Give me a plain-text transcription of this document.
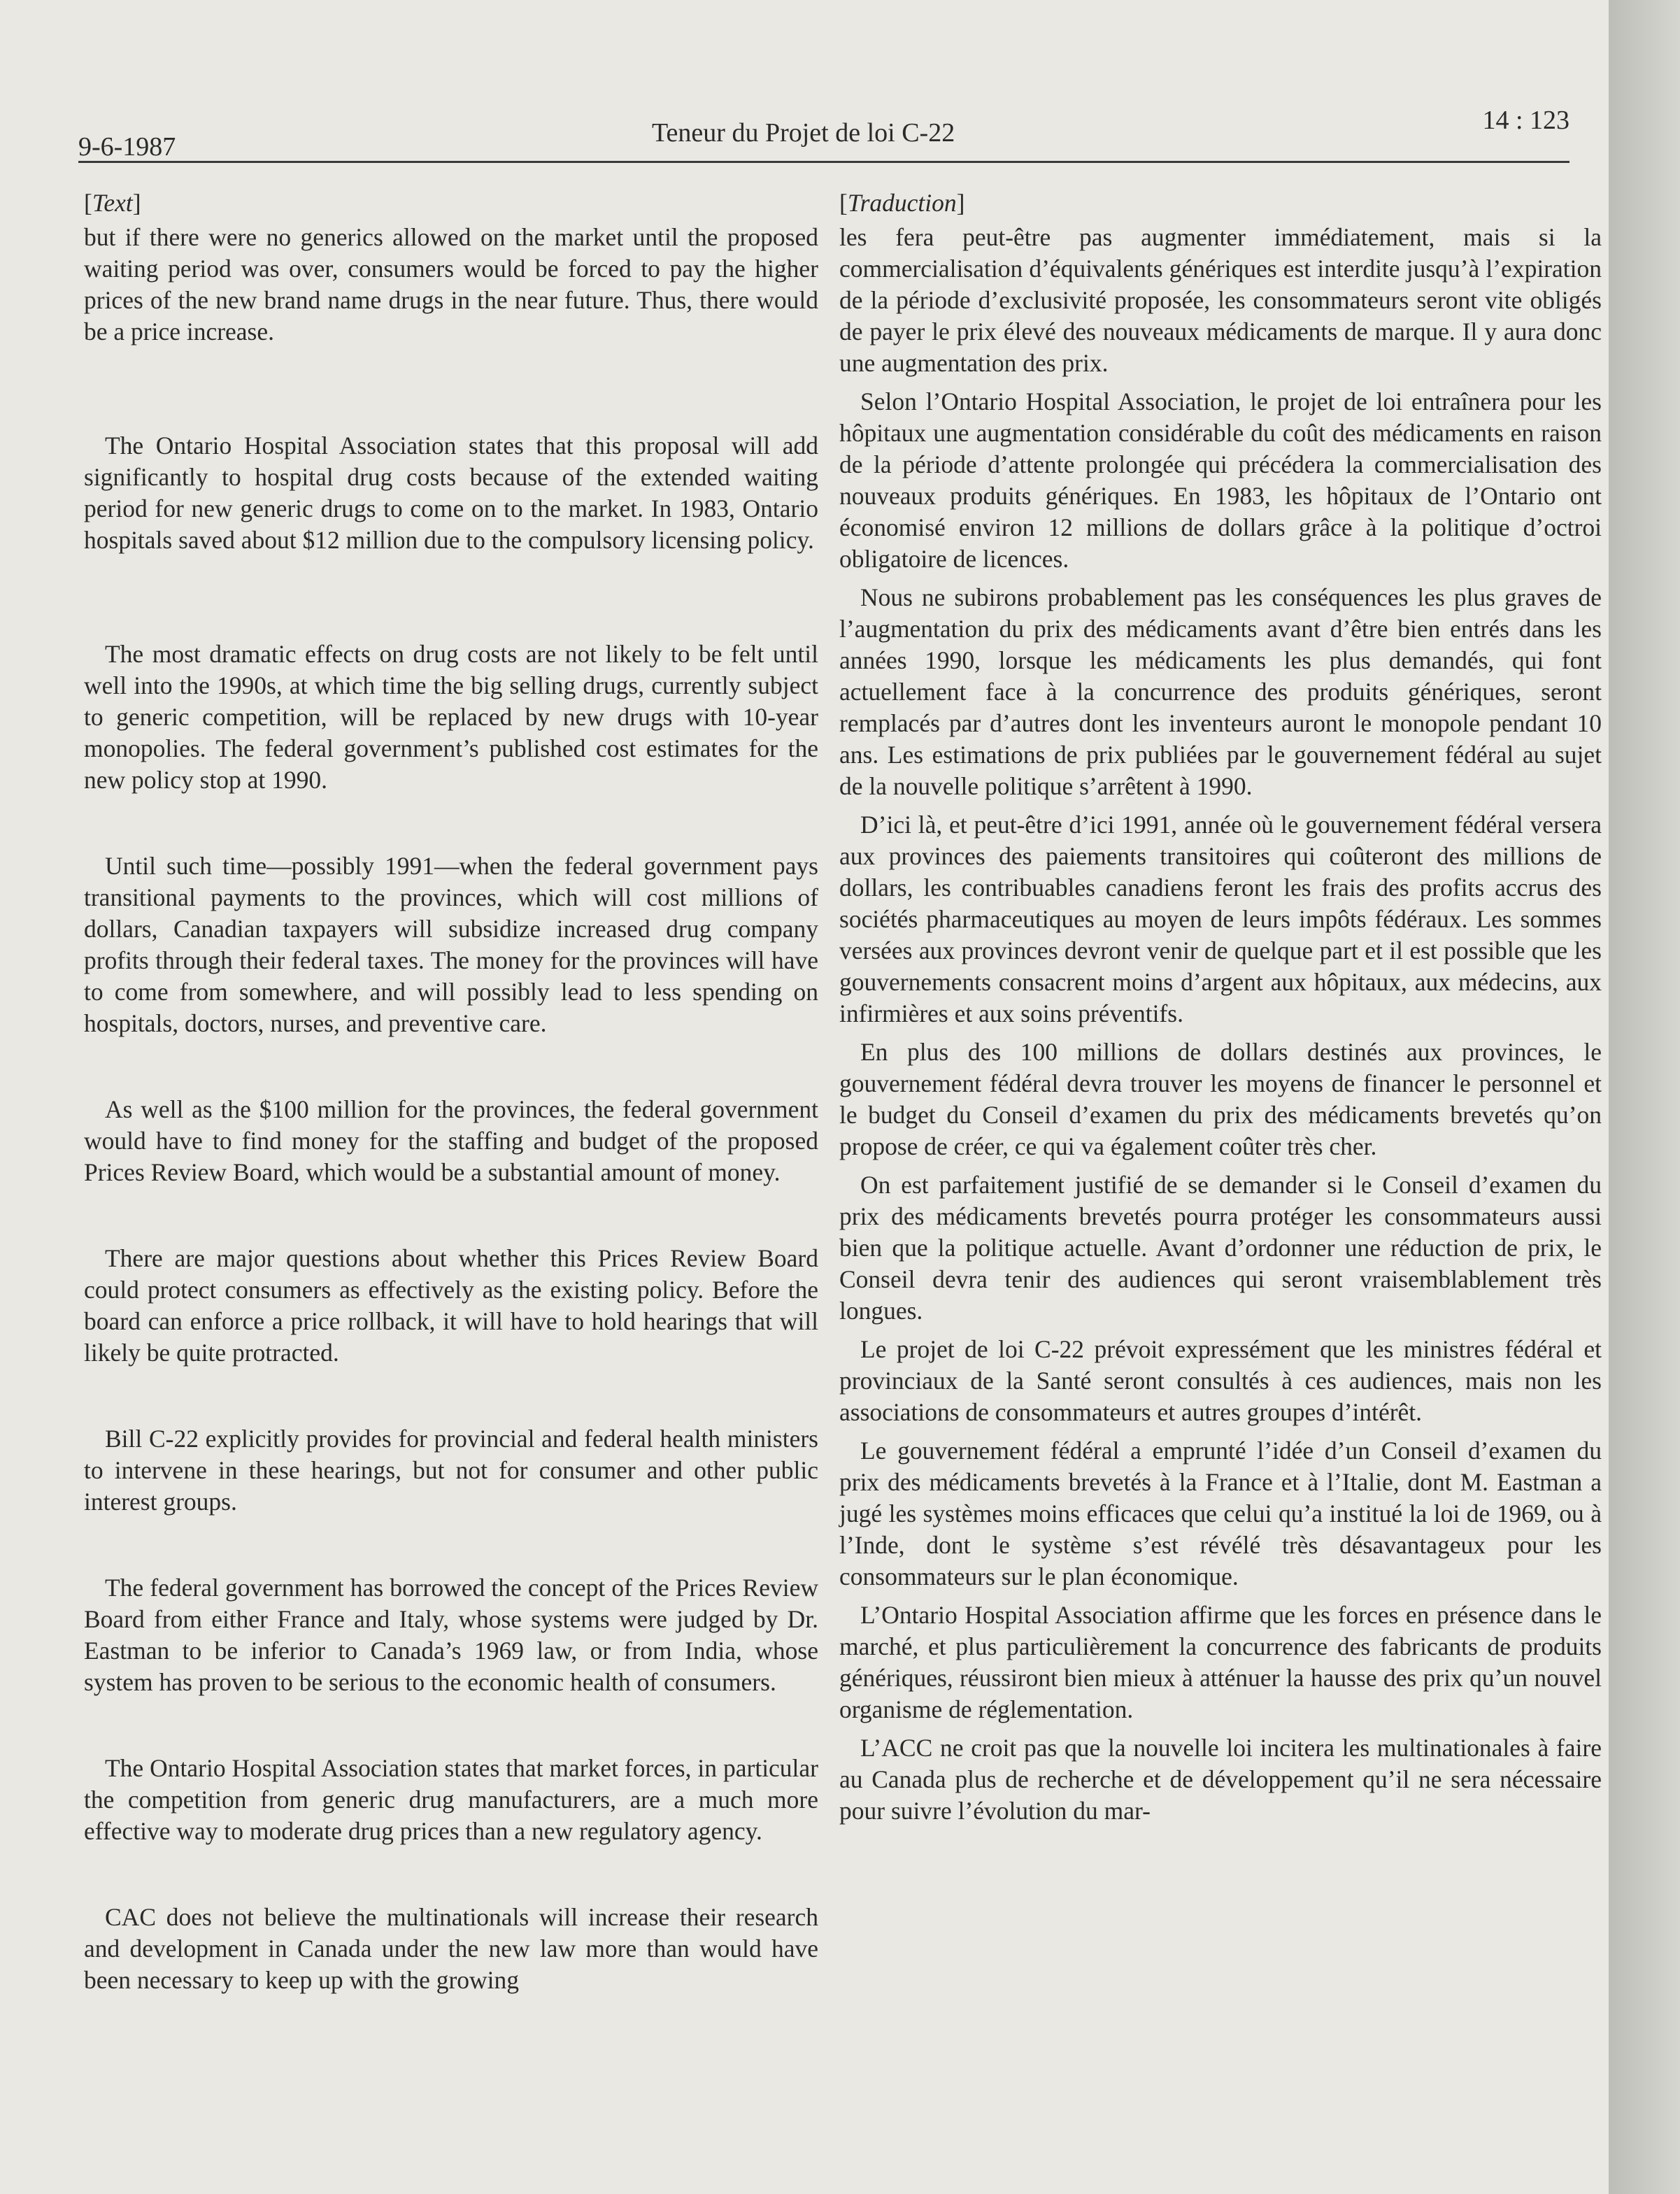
9-6-1987	Teneur du Projet de loi C-22	14 : 123

[Text]

but if there were no generics allowed on the market until the proposed waiting period was over, consumers would be forced to pay the higher prices of the new brand name drugs in the near future. Thus, there would be a price increase.

The Ontario Hospital Association states that this proposal will add significantly to hospital drug costs because of the extended waiting period for new generic drugs to come on to the market. In 1983, Ontario hospitals saved about $12 million due to the compulsory licensing policy.

The most dramatic effects on drug costs are not likely to be felt until well into the 1990s, at which time the big selling drugs, currently subject to generic competition, will be replaced by new drugs with 10-year monopolies. The federal government’s published cost estimates for the new policy stop at 1990.

Until such time—possibly 1991—when the federal government pays transitional payments to the provinces, which will cost millions of dollars, Canadian taxpayers will subsidize increased drug company profits through their federal taxes. The money for the provinces will have to come from somewhere, and will possibly lead to less spending on hospitals, doctors, nurses, and preventive care.

As well as the $100 million for the provinces, the federal government would have to find money for the staffing and budget of the proposed Prices Review Board, which would be a substantial amount of money.

There are major questions about whether this Prices Review Board could protect consumers as effectively as the existing policy. Before the board can enforce a price rollback, it will have to hold hearings that will likely be quite protracted.

Bill C-22 explicitly provides for provincial and federal health ministers to intervene in these hearings, but not for consumer and other public interest groups.

The federal government has borrowed the concept of the Prices Review Board from either France and Italy, whose systems were judged by Dr. Eastman to be inferior to Canada’s 1969 law, or from India, whose system has proven to be serious to the economic health of consumers.

The Ontario Hospital Association states that market forces, in particular the competition from generic drug manufacturers, are a much more effective way to moderate drug prices than a new regulatory agency.

CAC does not believe the multinationals will increase their research and development in Canada under the new law more than would have been necessary to keep up with the growing

[Traduction]

les fera peut-être pas augmenter immédiatement, mais si la commercialisation d’équivalents génériques est interdite jusqu’à l’expiration de la période d’exclusivité proposée, les consommateurs seront vite obligés de payer le prix élevé des nouveaux médicaments de marque. Il y aura donc une augmentation des prix.

Selon l’Ontario Hospital Association, le projet de loi entraînera pour les hôpitaux une augmentation considérable du coût des médicaments en raison de la période d’attente prolongée qui précédera la commercialisation des nouveaux produits génériques. En 1983, les hôpitaux de l’Ontario ont économisé environ 12 millions de dollars grâce à la politique d’octroi obligatoire de licences.

Nous ne subirons probablement pas les conséquences les plus graves de l’augmentation du prix des médicaments avant d’être bien entrés dans les années 1990, lorsque les médicaments les plus demandés, qui font actuellement face à la concurrence des produits génériques, seront remplacés par d’autres dont les inventeurs auront le monopole pendant 10 ans. Les estimations de prix publiées par le gouvernement fédéral au sujet de la nouvelle politique s’arrêtent à 1990.

D’ici là, et peut-être d’ici 1991, année où le gouvernement fédéral versera aux provinces des paiements transitoires qui coûteront des millions de dollars, les contribuables canadiens feront les frais des profits accrus des sociétés pharmaceutiques au moyen de leurs impôts fédéraux. Les sommes versées aux provinces devront venir de quelque part et il est possible que les gouvernements consacrent moins d’argent aux hôpitaux, aux médecins, aux infirmières et aux soins préventifs.

En plus des 100 millions de dollars destinés aux provinces, le gouvernement fédéral devra trouver les moyens de financer le personnel et le budget du Conseil d’examen du prix des médicaments brevetés qu’on propose de créer, ce qui va également coûter très cher.

On est parfaitement justifié de se demander si le Conseil d’examen du prix des médicaments brevetés pourra protéger les consommateurs aussi bien que la politique actuelle. Avant d’ordonner une réduction de prix, le Conseil devra tenir des audiences qui seront vraisemblablement très longues.

Le projet de loi C-22 prévoit expressément que les ministres fédéral et provinciaux de la Santé seront consultés à ces audiences, mais non les associations de consommateurs et autres groupes d’intérêt.

Le gouvernement fédéral a emprunté l’idée d’un Conseil d’examen du prix des médicaments brevetés à la France et à l’Italie, dont M. Eastman a jugé les systèmes moins efficaces que celui qu’a institué la loi de 1969, ou à l’Inde, dont le système s’est révélé très désavantageux pour les consommateurs sur le plan économique.

L’Ontario Hospital Association affirme que les forces en présence dans le marché, et plus particulièrement la concurrence des fabricants de produits génériques, réussiront bien mieux à atténuer la hausse des prix qu’un nouvel organisme de réglementation.

L’ACC ne croit pas que la nouvelle loi incitera les multinationales à faire au Canada plus de recherche et de développement qu’il ne sera nécessaire pour suivre l’évolution du mar-
